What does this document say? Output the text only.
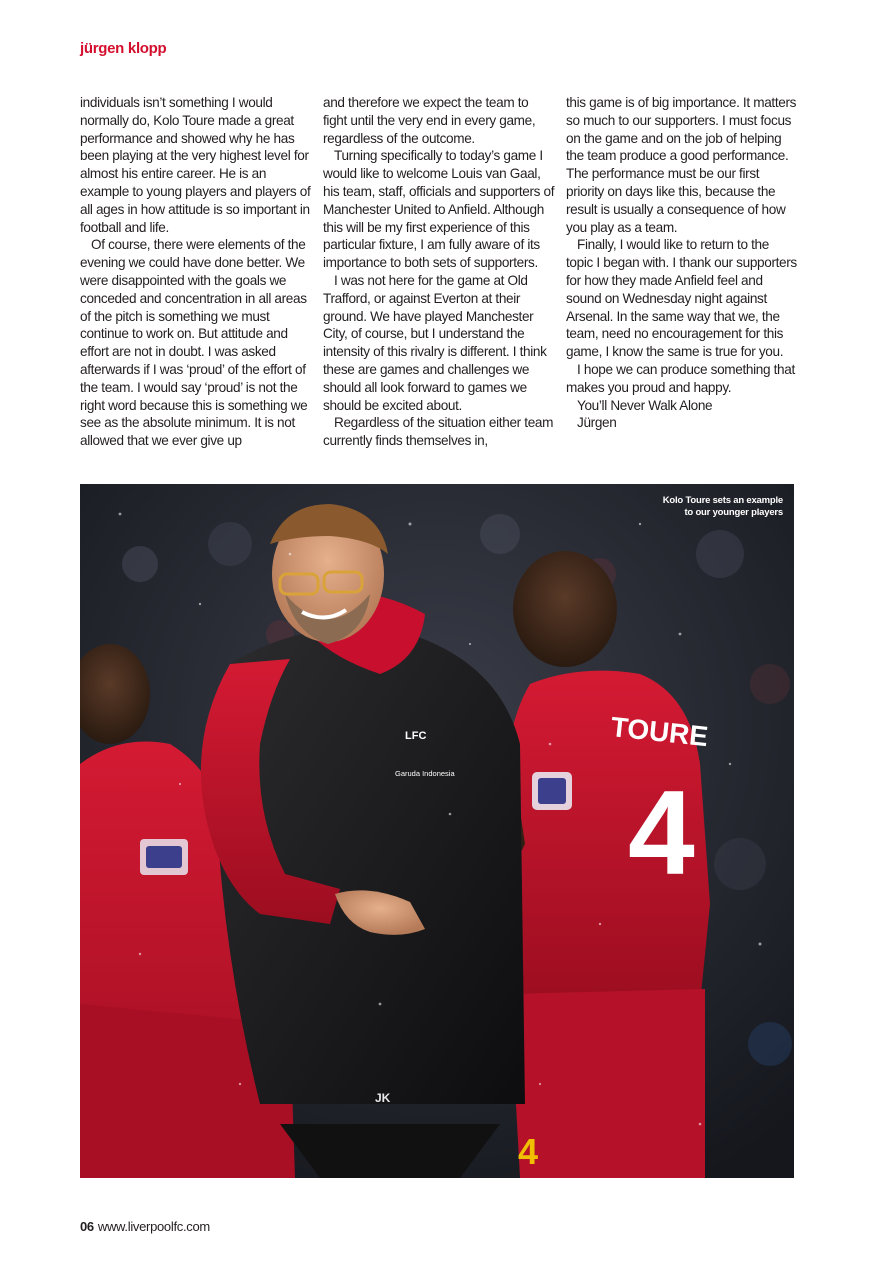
jürgen klopp

individuals isn’t something I would normally do, Kolo Toure made a great performance and showed why he has been playing at the very highest level for almost his entire career. He is an example to young players and players of all ages in how attitude is so important in football and life.

Of course, there were elements of the evening we could have done better. We were disappointed with the goals we conceded and concentration in all areas of the pitch is something we must continue to work on. But attitude and effort are not in doubt. I was asked afterwards if I was ‘proud’ of the effort of the team. I would say ‘proud’ is not the right word because this is something we see as the absolute minimum. It is not allowed that we ever give up

and therefore we expect the team to fight until the very end in every game, regardless of the outcome.

Turning specifically to today’s game I would like to welcome Louis van Gaal, his team, staff, officials and supporters of Manchester United to Anfield. Although this will be my first experience of this particular fixture, I am fully aware of its importance to both sets of supporters.

I was not here for the game at Old Trafford, or against Everton at their ground. We have played Manchester City, of course, but I understand the intensity of this rivalry is different. I think these are games and challenges we should all look forward to games we should be excited about.

Regardless of the situation either team currently finds themselves in,

this game is of big importance. It matters so much to our supporters. I must focus on the game and on the job of helping the team produce a good performance. The performance must be our first priority on days like this, because the result is usually a consequence of how you play as a team.

Finally, I would like to return to the topic I began with. I thank our supporters for how they made Anfield feel and sound on Wednesday night against Arsenal. In the same way that we, the team, need no encouragement for this game, I know the same is true for you.

I hope we can produce something that makes you proud and happy.

You’ll Never Walk Alone

Jürgen

TOURE
4
4
LFC
Garuda Indonesia
JK
Kolo Toure sets an example
to our younger players
06 www.liverpoolfc.com
